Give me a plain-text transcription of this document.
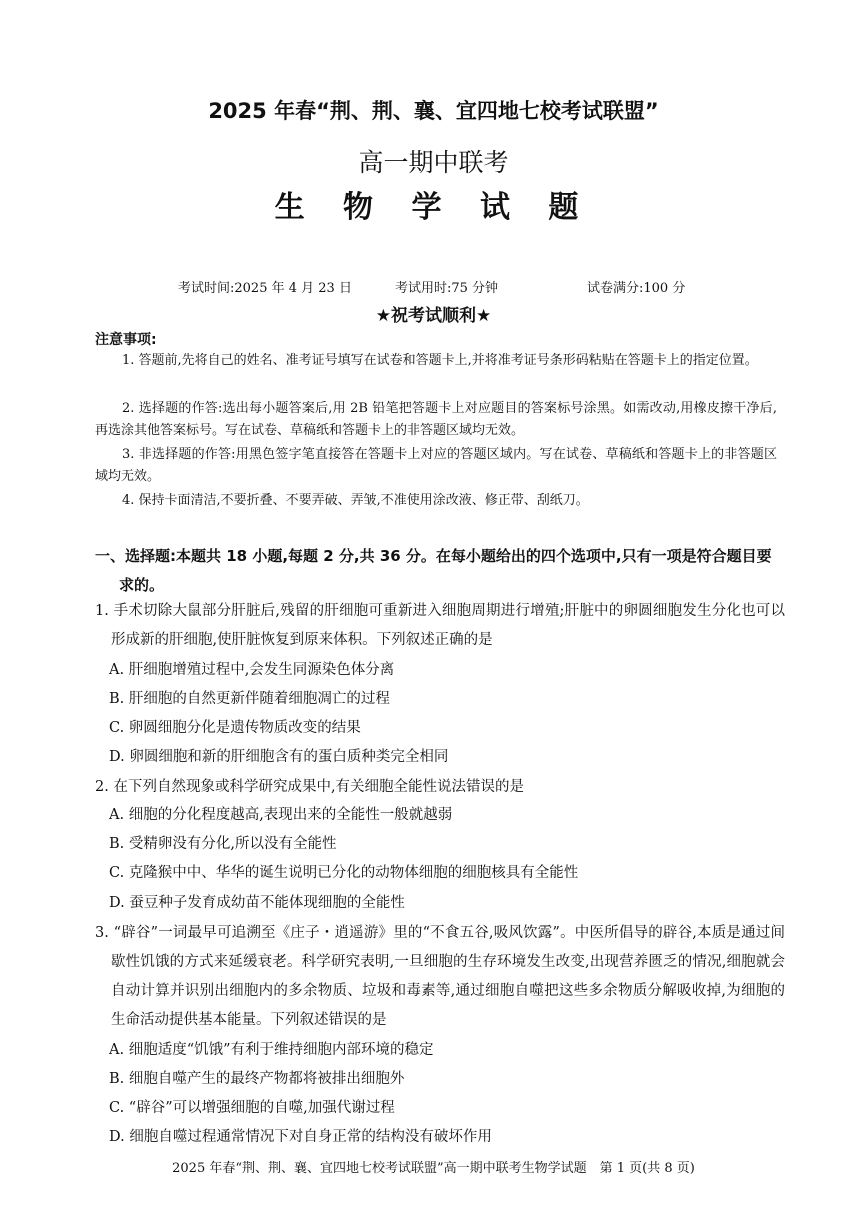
2025 年春“荆、荆、襄、宜四地七校考试联盟”
高一期中联考
生 物 学 试 题
考试时间:2025 年 4 月 23 日	考试用时:75 分钟	试卷满分:100 分
★祝考试顺利★
注意事项:
1. 答题前,先将自己的姓名、准考证号填写在试卷和答题卡上,并将准考证号条形码粘贴在答题卡上的指定位置。
2. 选择题的作答:选出每小题答案后,用 2B 铅笔把答题卡上对应题目的答案标号涂黑。如需改动,用橡皮擦干净后,再选涂其他答案标号。写在试卷、草稿纸和答题卡上的非答题区域均无效。
3. 非选择题的作答:用黑色签字笔直接答在答题卡上对应的答题区域内。写在试卷、草稿纸和答题卡上的非答题区域均无效。
4. 保持卡面清洁,不要折叠、不要弄破、弄皱,不准使用涂改液、修正带、刮纸刀。
一、选择题:本题共 18 小题,每题 2 分,共 36 分。在每小题给出的四个选项中,只有一项是符合题目要
求的。
1. 手术切除大鼠部分肝脏后,残留的肝细胞可重新进入细胞周期进行增殖;肝脏中的卵圆细胞发生分化也可以形成新的肝细胞,使肝脏恢复到原来体积。下列叙述正确的是
A. 肝细胞增殖过程中,会发生同源染色体分离
B. 肝细胞的自然更新伴随着细胞凋亡的过程
C. 卵圆细胞分化是遗传物质改变的结果
D. 卵圆细胞和新的肝细胞含有的蛋白质种类完全相同
2. 在下列自然现象或科学研究成果中,有关细胞全能性说法错误的是
A. 细胞的分化程度越高,表现出来的全能性一般就越弱
B. 受精卵没有分化,所以没有全能性
C. 克隆猴中中、华华的诞生说明已分化的动物体细胞的细胞核具有全能性
D. 蚕豆种子发育成幼苗不能体现细胞的全能性
3. “辟谷”一词最早可追溯至《庄子・逍遥游》里的“不食五谷,吸风饮露”。中医所倡导的辟谷,本质是通过间歇性饥饿的方式来延缓衰老。科学研究表明,一旦细胞的生存环境发生改变,出现营养匮乏的情况,细胞就会自动计算并识别出细胞内的多余物质、垃圾和毒素等,通过细胞自噬把这些多余物质分解吸收掉,为细胞的生命活动提供基本能量。下列叙述错误的是
A. 细胞适度“饥饿”有利于维持细胞内部环境的稳定
B. 细胞自噬产生的最终产物都将被排出细胞外
C. “辟谷”可以增强细胞的自噬,加强代谢过程
D. 细胞自噬过程通常情况下对自身正常的结构没有破坏作用
2025 年春“荆、荆、襄、宜四地七校考试联盟”高一期中联考生物学试题　第 1 页(共 8 页)
